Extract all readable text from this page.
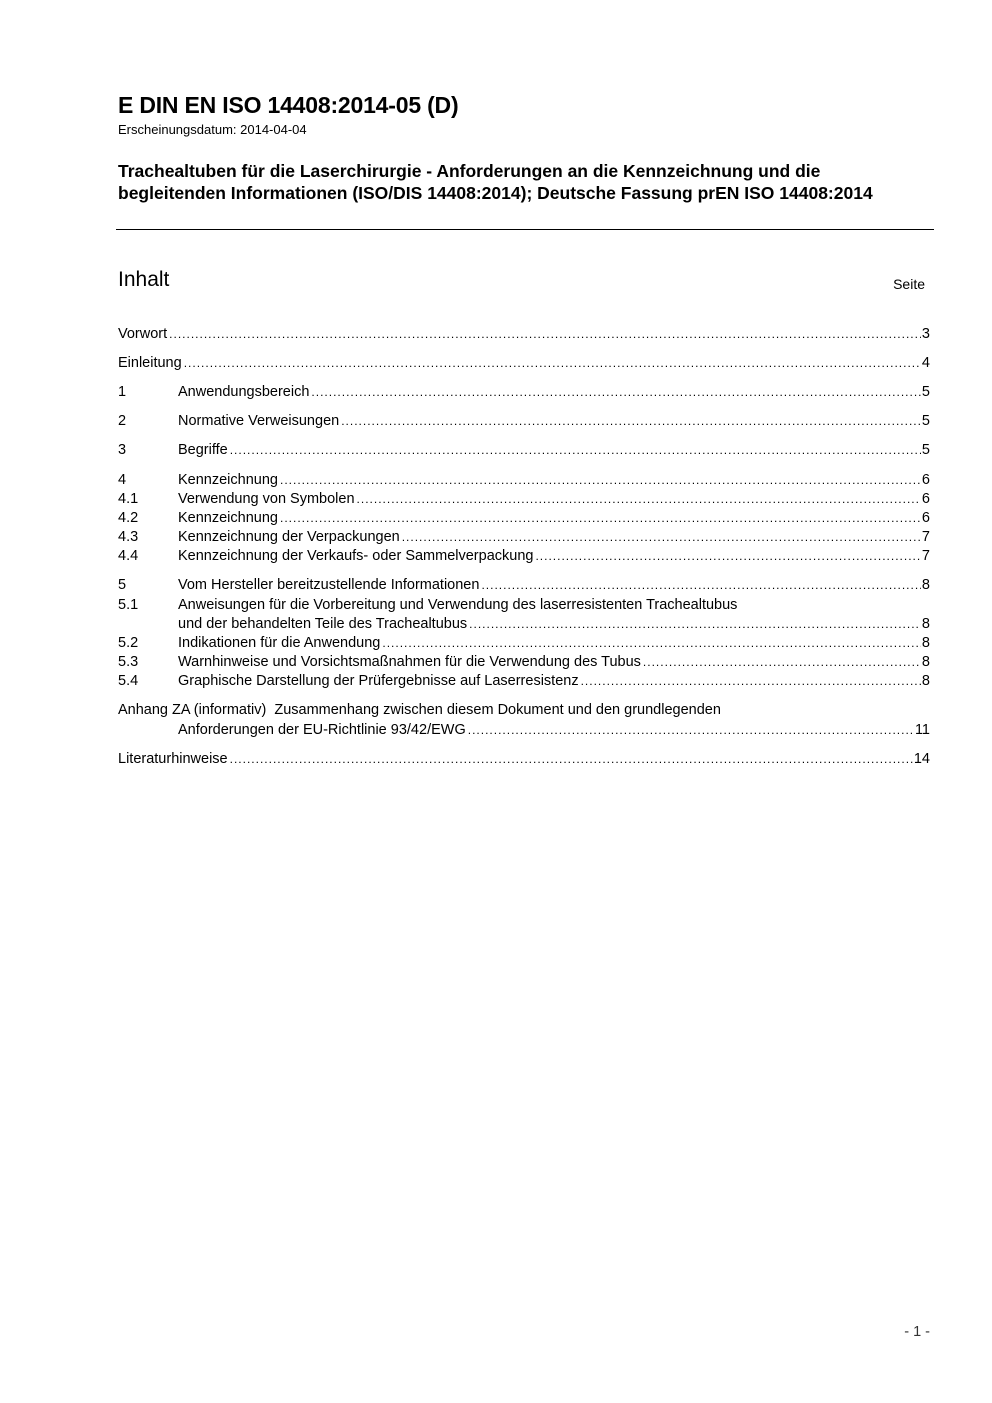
E DIN EN ISO 14408:2014-05 (D)
Erscheinungsdatum: 2014-04-04
Trachealtuben für die Laserchirurgie - Anforderungen an die Kennzeichnung und die begleitenden Informationen (ISO/DIS 14408:2014); Deutsche Fassung prEN ISO 14408:2014
Inhalt	Seite
Vorwort .....	3
Einleitung .....	4
1	Anwendungsbereich .....	5
2	Normative Verweisungen .....	5
3	Begriffe .....	5
4	Kennzeichnung .....	6
4.1	Verwendung von Symbolen .....	6
4.2	Kennzeichnung .....	6
4.3	Kennzeichnung der Verpackungen .....	7
4.4	Kennzeichnung der Verkaufs- oder Sammelverpackung .....	7
5	Vom Hersteller bereitzustellende Informationen .....	8
5.1	Anweisungen für die Vorbereitung und Verwendung des laserresistenten Trachealtubus
und der behandelten Teile des Trachealtubus .....	8
5.2	Indikationen für die Anwendung .....	8
5.3	Warnhinweise und Vorsichtsmaßnahmen für die Verwendung des Tubus .....	8
5.4	Graphische Darstellung der Prüfergebnisse auf Laserresistenz .....	8
Anhang ZA (informativ)  Zusammenhang zwischen diesem Dokument und den grundlegenden
Anforderungen der EU-Richtlinie 93/42/EWG .....	11
Literaturhinweise .....	14
- 1 -
